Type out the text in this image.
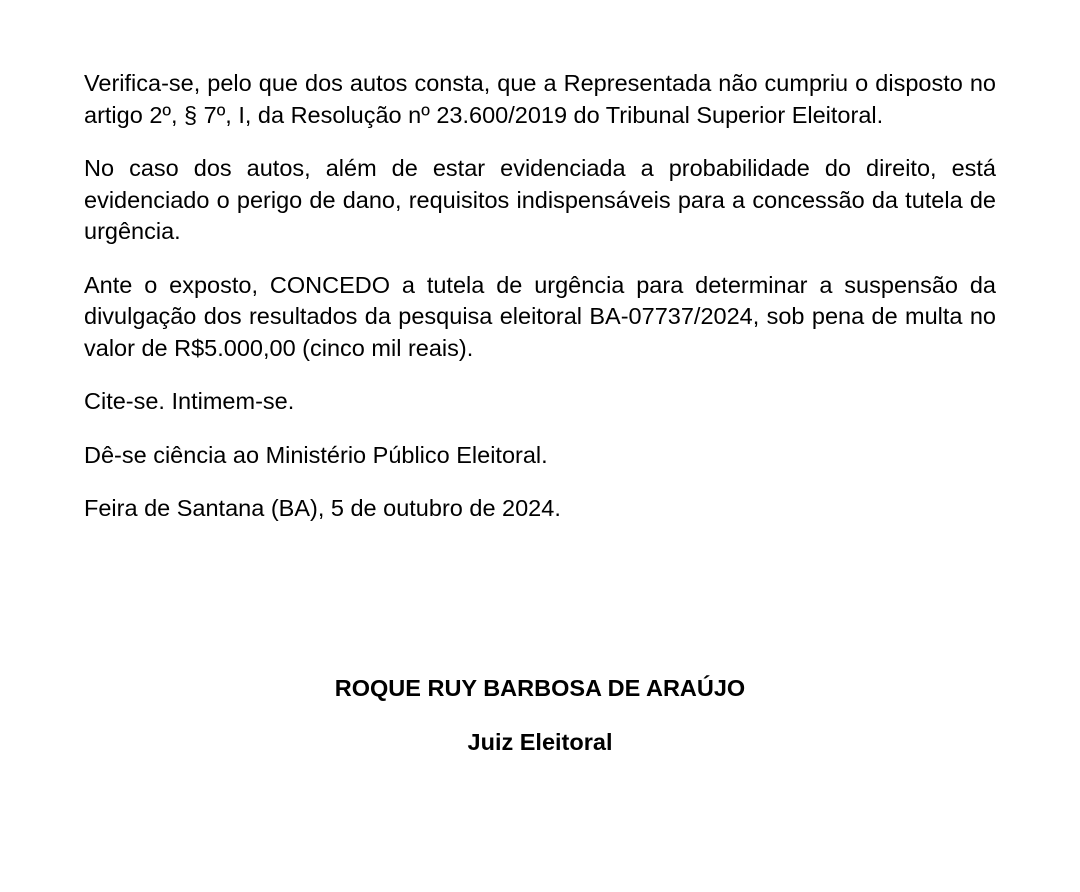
Verifica-se, pelo que dos autos consta, que a Representada não cumpriu o disposto no artigo 2º, § 7º, I, da Resolução nº 23.600/2019 do Tribunal Superior Eleitoral.

No caso dos autos, além de estar evidenciada a probabilidade do direito, está evidenciado o perigo de dano, requisitos indispensáveis para a concessão da tutela de urgência.

Ante o exposto, CONCEDO a tutela de urgência para determinar a suspensão da divulgação dos resultados da pesquisa eleitoral BA-07737/2024, sob pena de multa no valor de R$5.000,00 (cinco mil reais).

Cite-se. Intimem-se.

Dê-se ciência ao Ministério Público Eleitoral.

Feira de Santana (BA), 5 de outubro de 2024.

ROQUE RUY BARBOSA DE ARAÚJO

Juiz Eleitoral
